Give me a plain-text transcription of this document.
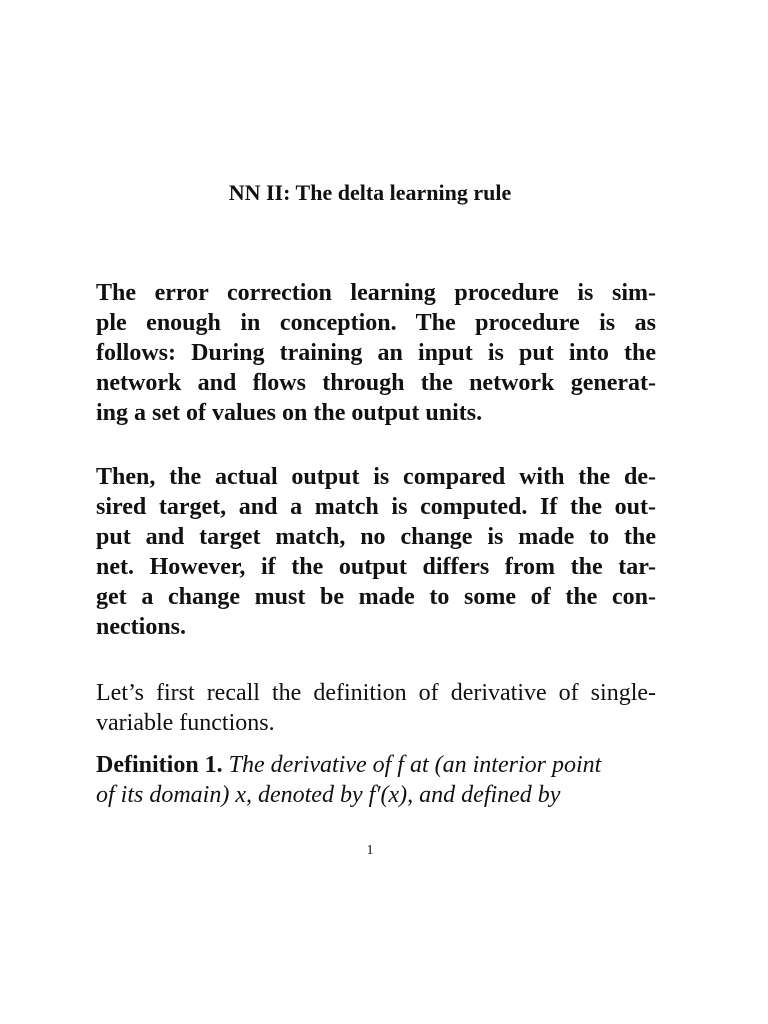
NN II: The delta learning rule
The error correction learning procedure is sim-
ple enough in conception. The procedure is as
follows: During training an input is put into the
network and flows through the network generat-
ing a set of values on the output units.
Then, the actual output is compared with the de-
sired target, and a match is computed. If the out-
put and target match, no change is made to the
net. However, if the output differs from the tar-
get a change must be made to some of the con-
nections.
Let’s first recall the definition of derivative of single-
variable functions.
Definition 1. The derivative of f at (an interior point
of its domain) x, denoted by f′(x), and defined by
1
